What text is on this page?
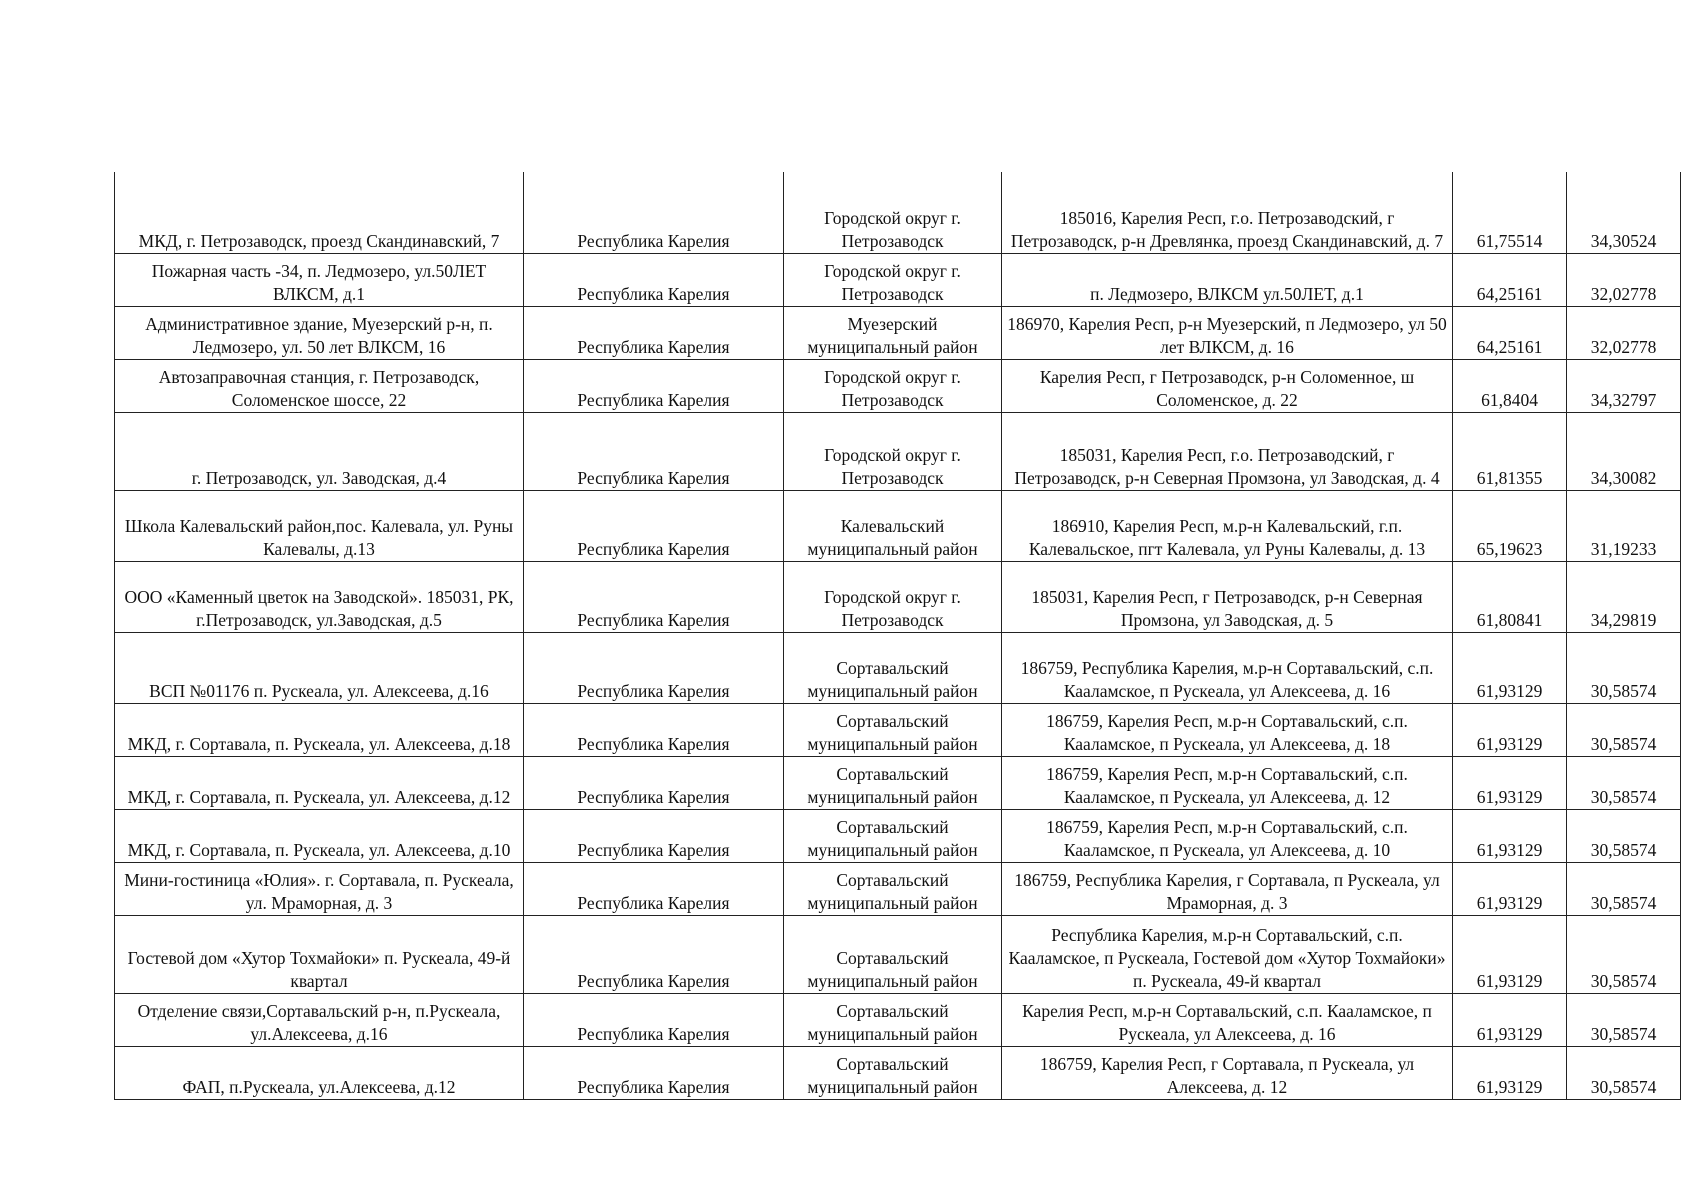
МКД, г. Петрозаводск, проезд Скандинавский, 7	Республика Карелия	Городской округ г. Петрозаводск	185016, Карелия Респ, г.о. Петрозаводский, г Петрозаводск, р-н Древлянка, проезд Скандинавский, д. 7	61,75514	34,30524
Пожарная часть -34, п. Ледмозеро, ул.50ЛЕТ ВЛКСМ, д.1	Республика Карелия	Городской округ г. Петрозаводск	п. Ледмозеро, ВЛКСМ ул.50ЛЕТ, д.1	64,25161	32,02778
Административное здание, Муезерский р-н, п. Ледмозеро, ул. 50 лет ВЛКСМ, 16	Республика Карелия	Муезерский муниципальный район	186970, Карелия Респ, р-н Муезерский, п Ледмозеро, ул 50 лет ВЛКСМ, д. 16	64,25161	32,02778
Автозаправочная станция, г. Петрозаводск, Соломенское шоссе, 22	Республика Карелия	Городской округ г. Петрозаводск	Карелия Респ, г Петрозаводск, р-н Соломенное, ш Соломенское, д. 22	61,8404	34,32797
г. Петрозаводск, ул. Заводская, д.4	Республика Карелия	Городской округ г. Петрозаводск	185031, Карелия Респ, г.о. Петрозаводский, г Петрозаводск, р-н Северная Промзона, ул Заводская, д. 4	61,81355	34,30082
Школа Калевальский район,пос. Калевала, ул. Руны Калевалы, д.13	Республика Карелия	Калевальский муниципальный район	186910, Карелия Респ, м.р-н Калевальский, г.п. Калевальское, пгт Калевала, ул Руны Калевалы, д. 13	65,19623	31,19233
ООО «Каменный цветок на Заводской». 185031, РК, г.Петрозаводск, ул.Заводская, д.5	Республика Карелия	Городской округ г. Петрозаводск	185031, Карелия Респ, г Петрозаводск, р-н Северная Промзона, ул Заводская, д. 5	61,80841	34,29819
ВСП №01176 п. Рускеала, ул. Алексеева, д.16	Республика Карелия	Сортавальский муниципальный район	186759, Республика Карелия, м.р-н Сортавальский, с.п. Кааламское, п Рускеала, ул Алексеева, д. 16	61,93129	30,58574
МКД, г. Сортавала, п. Рускеала, ул. Алексеева, д.18	Республика Карелия	Сортавальский муниципальный район	186759, Карелия Респ, м.р-н Сортавальский, с.п. Кааламское, п Рускеала, ул Алексеева, д. 18	61,93129	30,58574
МКД, г. Сортавала, п. Рускеала, ул. Алексеева, д.12	Республика Карелия	Сортавальский муниципальный район	186759, Карелия Респ, м.р-н Сортавальский, с.п. Кааламское, п Рускеала, ул Алексеева, д. 12	61,93129	30,58574
МКД, г. Сортавала, п. Рускеала, ул. Алексеева, д.10	Республика Карелия	Сортавальский муниципальный район	186759, Карелия Респ, м.р-н Сортавальский, с.п. Кааламское, п Рускеала, ул Алексеева, д. 10	61,93129	30,58574
Мини-гостиница «Юлия». г. Сортавала, п. Рускеала, ул. Мраморная, д. 3	Республика Карелия	Сортавальский муниципальный район	186759, Республика Карелия, г Сортавала, п Рускеала, ул Мраморная, д. 3	61,93129	30,58574
Гостевой дом «Хутор Тохмайоки» п. Рускеала, 49-й квартал	Республика Карелия	Сортавальский муниципальный район	Республика Карелия, м.р-н Сортавальский, с.п. Кааламское, п Рускеала, Гостевой дом «Хутор Тохмайоки» п. Рускеала, 49-й квартал	61,93129	30,58574
Отделение связи,Сортавальский р-н, п.Рускеала, ул.Алексеева, д.16	Республика Карелия	Сортавальский муниципальный район	Карелия Респ, м.р-н Сортавальский, с.п. Кааламское, п Рускеала, ул Алексеева, д. 16	61,93129	30,58574
ФАП, п.Рускеала, ул.Алексеева, д.12	Республика Карелия	Сортавальский муниципальный район	186759, Карелия Респ, г Сортавала, п Рускеала, ул Алексеева, д. 12	61,93129	30,58574
